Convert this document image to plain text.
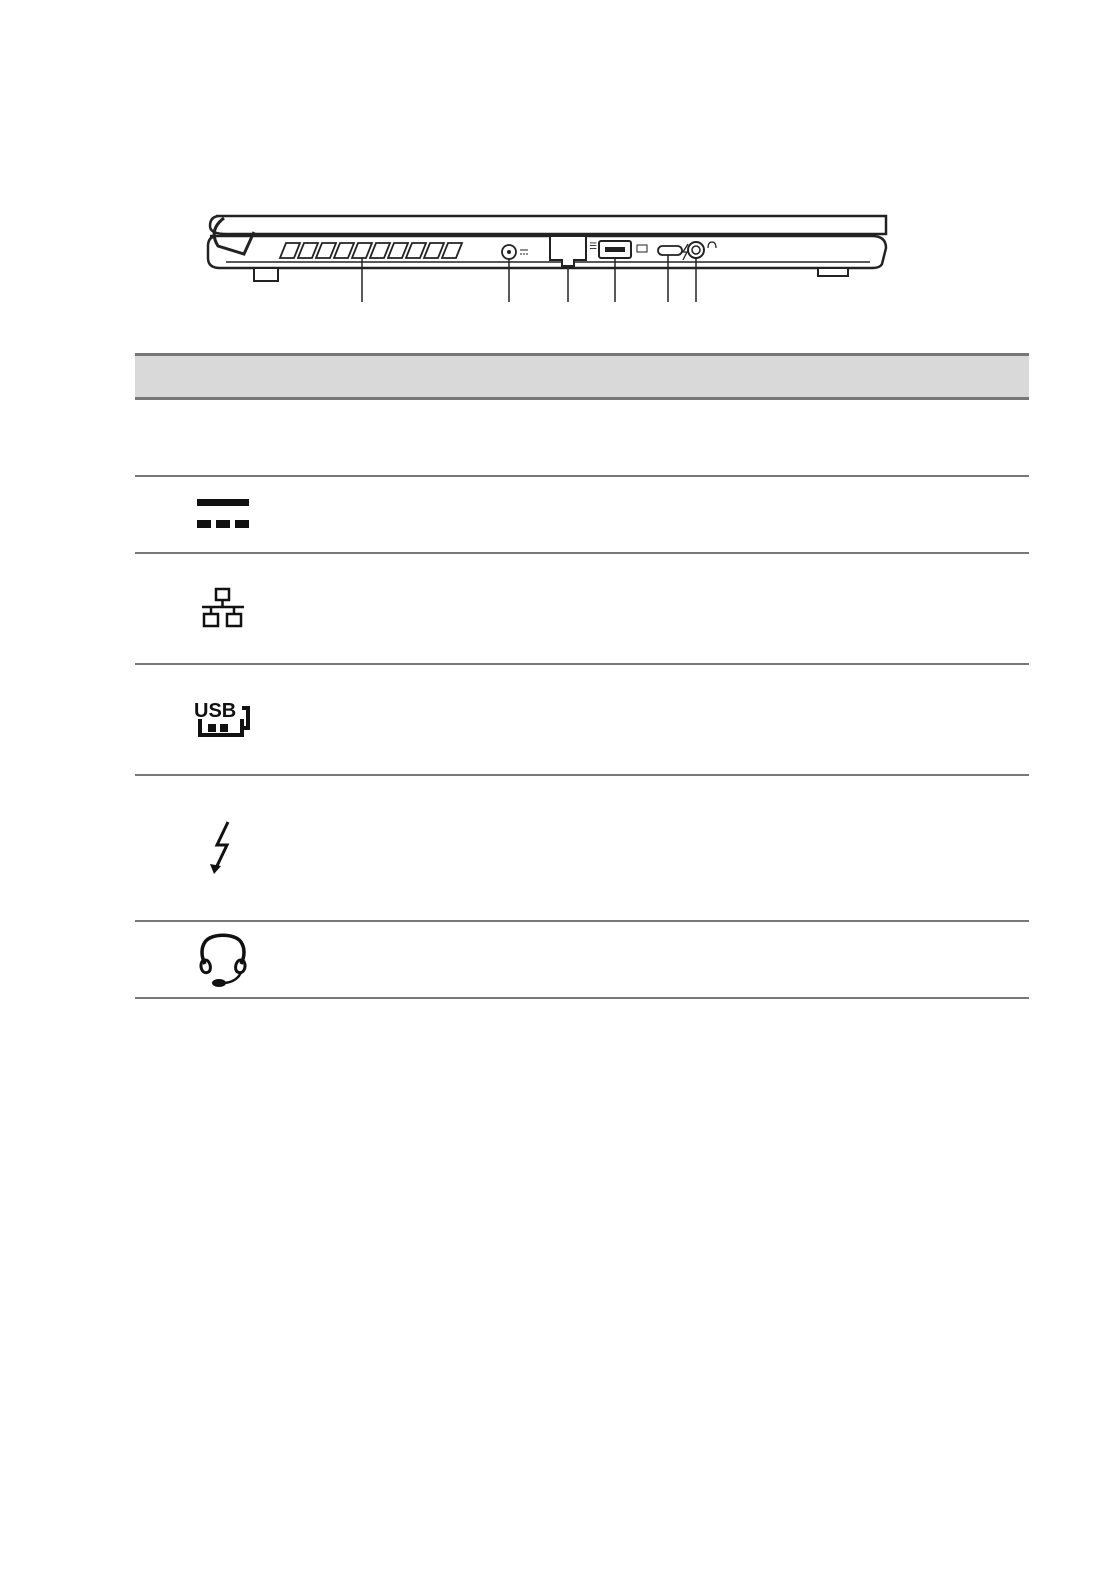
☰

USB	
